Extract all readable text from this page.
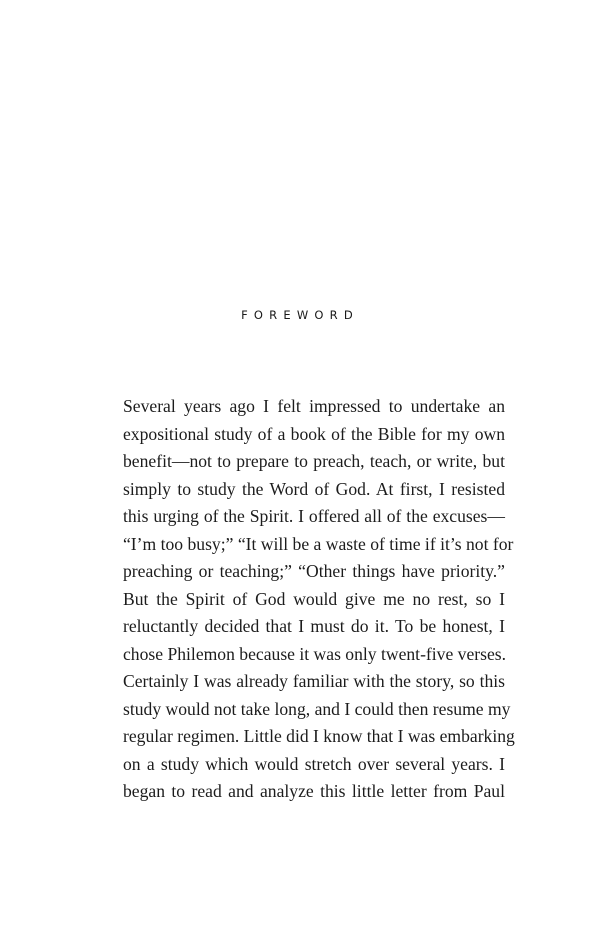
FOREWORD
Several years ago I felt impressed to undertake an
expositional study of a book of the Bible for my own
benefit—not to prepare to preach, teach, or write, but
simply to study the Word of God. At first, I resisted
this urging of the Spirit. I offered all of the excuses—
“I’m too busy;” “It will be a waste of time if it’s not for
preaching or teaching;” “Other things have priority.”
But the Spirit of God would give me no rest, so I
reluctantly decided that I must do it. To be honest, I
chose Philemon because it was only twent-five verses.
Certainly I was already familiar with the story, so this
study would not take long, and I could then resume my
regular regimen. Little did I know that I was embarking
on a study which would stretch over several years. I
began to read and analyze this little letter from Paul
